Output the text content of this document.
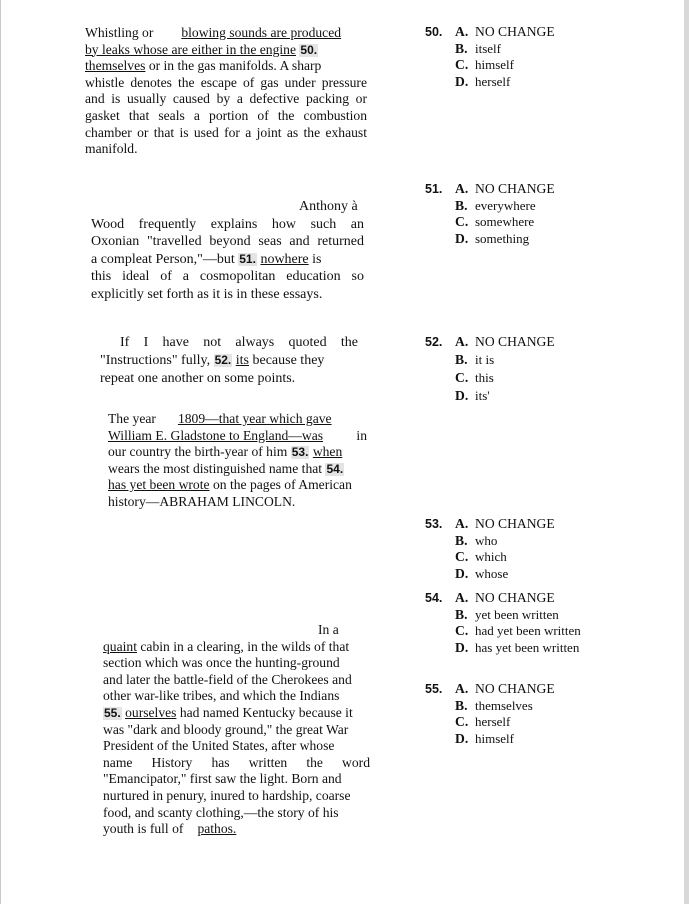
Whistling or blowing sounds are produced
by leaks whose are either in the engine 50.
themselves or in the gas manifolds. A sharp
whistle denotes the escape of gas under pressure
and is usually caused by a defective packing or
gasket that seals a portion of the combustion
chamber or that is used for a joint as the exhaust
manifold.
Anthony à
Wood frequently explains how such an
Oxonian "travelled beyond seas and returned
a compleat Person,"—but 51. nowhere is
this ideal of a cosmopolitan education so
explicitly set forth as it is in these essays.
If I have not always quoted the
"Instructions" fully, 52. its because they
repeat one another on some points.
The year 1809—that year which gave
William E. Gladstone to England—was in
our country the birth-year of him 53. when
wears the most distinguished name that 54.
has yet been wrote on the pages of American
history—ABRAHAM LINCOLN.
In a
quaint cabin in a clearing, in the wilds of that
section which was once the hunting-ground
and later the battle-field of the Cherokees and
other war-like tribes, and which the Indians
55. ourselves had named Kentucky because it
was "dark and bloody ground," the great War
President of the United States, after whose
name History has written the word
"Emancipator," first saw the light. Born and
nurtured in penury, inured to hardship, coarse
food, and scanty clothing,—the story of his
youth is full of pathos.
50. A. NO CHANGE
B. itself
C. himself
D. herself
51. A. NO CHANGE
B. everywhere
C. somewhere
D. something
52. A. NO CHANGE
B. it is
C. this
D. its'
53. A. NO CHANGE
B. who
C. which
D. whose
54. A. NO CHANGE
B. yet been written
C. had yet been written
D. has yet been written
55. A. NO CHANGE
B. themselves
C. herself
D. himself
